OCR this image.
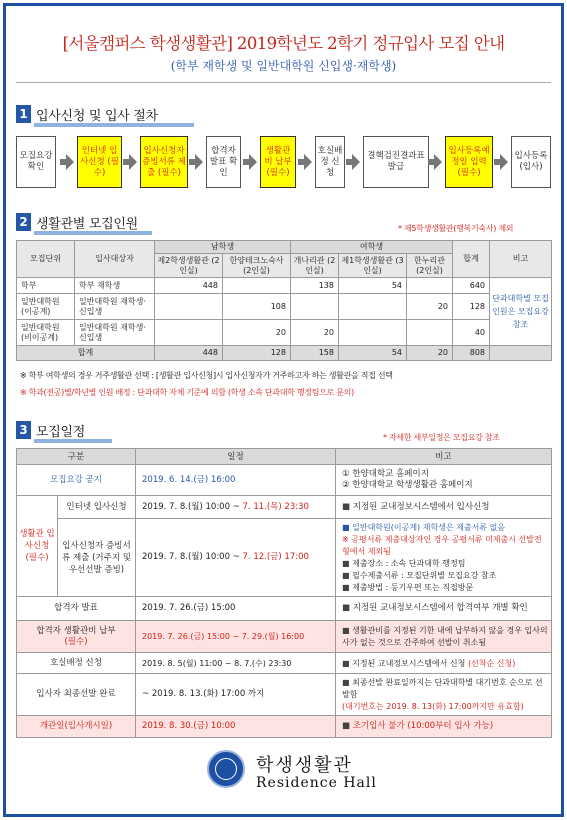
[서울캠퍼스 학생생활관] 2019학년도 2학기 정규입사 모집 안내
(학부 재학생 및 일반대학원 신입생·재학생)
1 입사신청 및 입사 절차
모집요강 확인
인터넷 입사신청 (필수)
입사신청자 증빙서류 제출 (필수)
합격자 발표 확인
생활관비 납부 (필수)
호실배정 신청
결핵검진결과표 발급
입사등록예정일 입력 (필수)
입사등록 (입사)
2 생활관별 모집인원	* 제5학생생활관(행복기숙사) 제외
모집단위	입사대상자	남학생		여학생			합계	비고
		제2학생생활관 (2인실)	한양테크노숙사 (2인실)	개나리관 (2인실)	제1학생생활관 (3인실)	한누리관 (2인실)		
학부	학부 재학생	448		138	54		640	단과대학별 모집인원은 모집요강 참조
일반대학원 (이공계)	일반대학원 재학생·신입생		108			20	128	
일반대학원 (비이공계)	일반대학원 재학생·신입생		20	20			40	
합계		448	128	158	54	20	808	
※ 학부 여학생의 경우 거주생활관 선택 : [생활관 입사신청]시 입사신청자가 거주하고자 하는 생활관을 직접 선택
※ 학과(전공)별/학년별 인원 배정 : 단과대학 자체 기준에 의함 (학생 소속 단과대학 행정팀으로 문의)
3 모집일정	* 자세한 세부일정은 모집요강 참조
구분		일정	비고
모집요강 공지		2019. 6. 14.(금) 16:00	① 한양대학교 홈페이지
② 한양대학교 학생생활관 홈페이지

생활관 입사신청 (필수)	인터넷 입사신청	2019. 7. 8.(월) 10:00 ~ 7. 11.(목) 23:30	■ 지정된 교내정보시스템에서 입사신청
	입사신청자 증빙서류 제출 (거주지 및 우선선발 증빙)	2019. 7. 8.(월) 10:00 ~ 7. 12.(금) 17:00	■ 일반대학원(이공계) 재학생은 제출서류 없음
※ 공평서류 제출대상자인 경우 공평서류 미제출시 선발전형에서 제외됨
■ 제출장소 : 소속 단과대학 행정팀
■ 필수제출서류 : 모집단위별 모집요강 참조
■ 제출방법 : 등기우편 또는 직접방문

합격자 발표		2019. 7. 26.(금) 15:00	■ 지정된 교내정보시스템에서 합격여부 개별 확인

합격자 생활관비 납부
(필수)		2019. 7. 26.(금) 15:00 ~ 7. 29.(월) 16:00	■ 생활관비를 지정된 기한 내에 납부하지 않을 경우 입사의사가 없는 것으로 간주하여 선발이 취소됨
호실배정 신청		2019. 8. 5(월) 11:00 ~ 8. 7.(수) 23:30	■ 지정된 교내정보시스템에서 신청 (선착순 신청)
입사자 최종선발 완료		~ 2019. 8. 13.(화) 17:00 까지	■ 최종선발 완료일까지는 단과대학별 대기번호 순으로 선발함
(대기번호는 2019. 8. 13(화) 17:00까지만 유효함)

개관일(입사개시일)		2019. 8. 30.(금) 10:00	■ 조기입사 불가 (10:00부터 입사 가능)
학생생활관
Residence Hall
